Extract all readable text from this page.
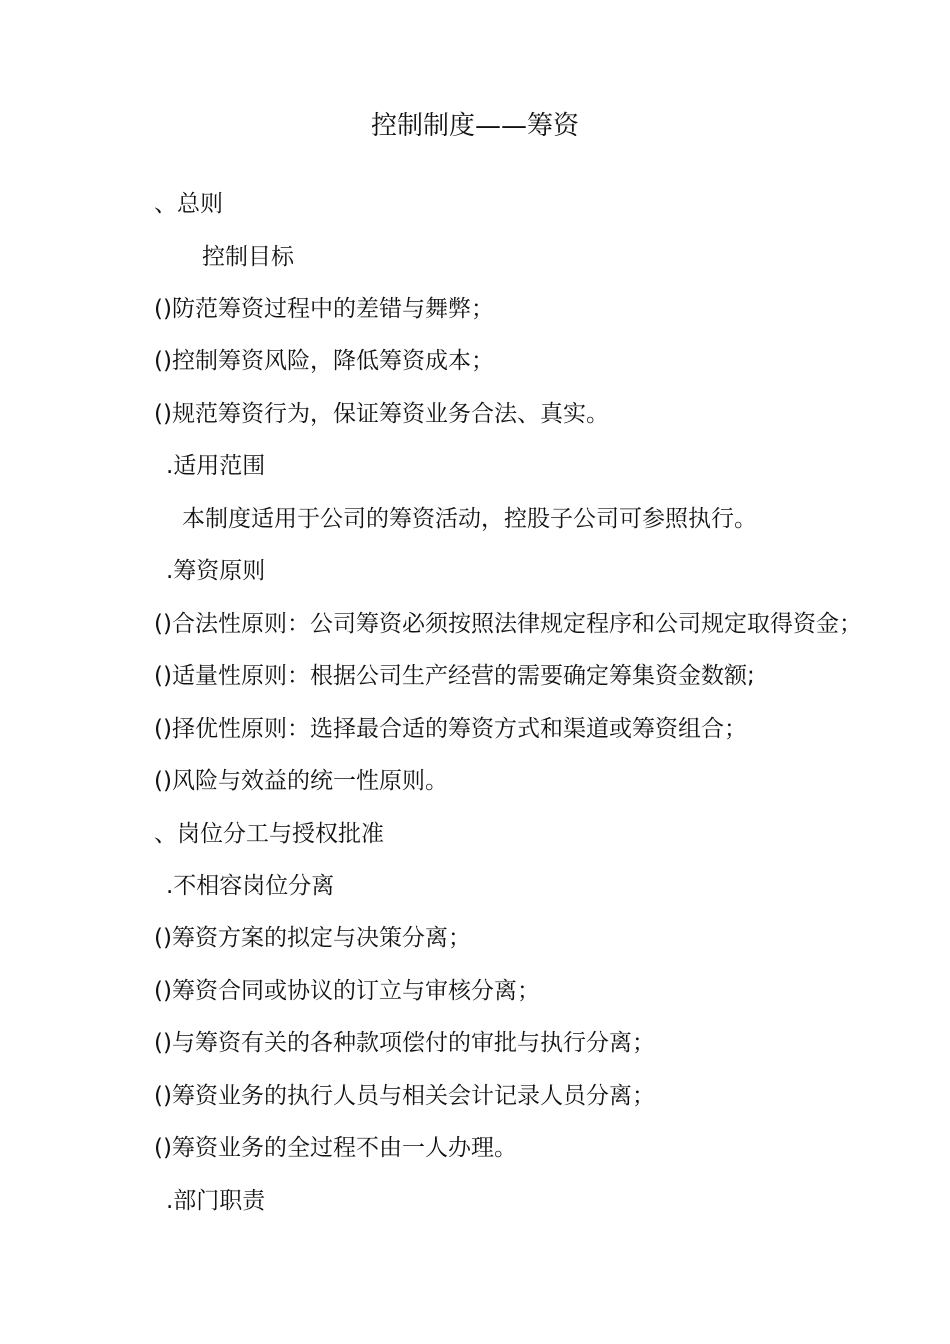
控制制度——筹资
、总则
控制目标
()防范筹资过程中的差错与舞弊；
()控制筹资风险，降低筹资成本；
()规范筹资行为，保证筹资业务合法、真实。
.适用范围
本制度适用于公司的筹资活动，控股子公司可参照执行。
.筹资原则
()合法性原则：公司筹资必须按照法律规定程序和公司规定取得资金；
()适量性原则：根据公司生产经营的需要确定筹集资金数额;
()择优性原则：选择最合适的筹资方式和渠道或筹资组合；
()风险与效益的统一性原则。
、岗位分工与授权批准
.不相容岗位分离
()筹资方案的拟定与决策分离；
()筹资合同或协议的订立与审核分离；
()与筹资有关的各种款项偿付的审批与执行分离；
()筹资业务的执行人员与相关会计记录人员分离；
()筹资业务的全过程不由一人办理。
.部门职责
